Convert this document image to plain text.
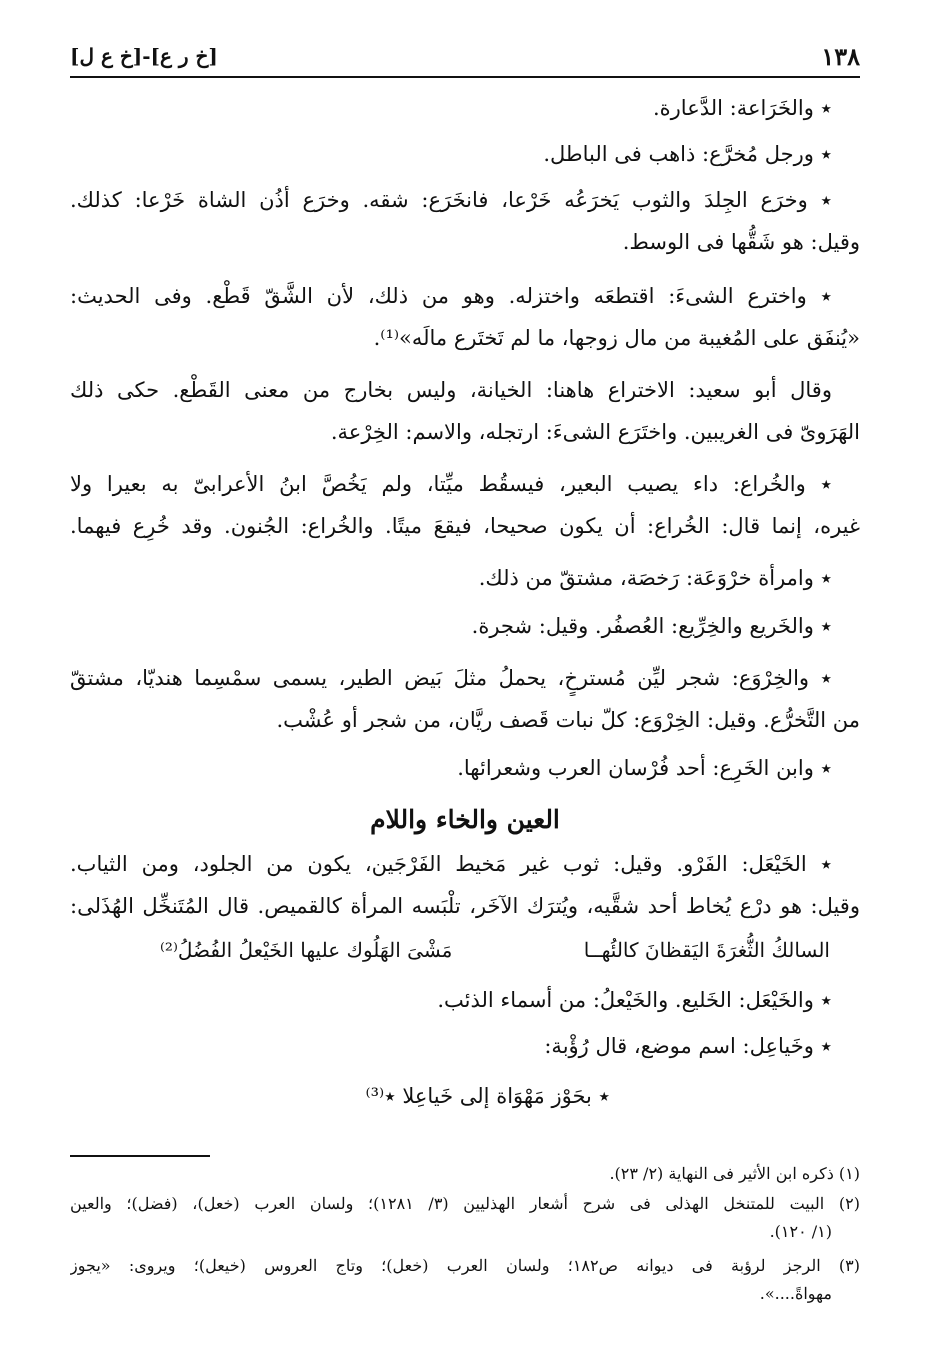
١٣٨
[خ ر ع]-[خ ع ل]
٭ والخَرَاعة: الدَّعارة.
٭ ورجل مُخرَّع: ذاهب فى الباطل.
٭ وخرَع الجِلدَ والثوب يَخرَعُه خَرْعا، فانخَرَع: شقه. وخرَع أذُن الشاة خَرْعا: كذلك.
وقيل: هو شَقُّها فى الوسط.
٭ واخترع الشىءَ: اقتطعَه واختزله. وهو من ذلك، لأن الشَّقّ قَطْع. وفى الحديث:
«يُنفَق على المُغيبة من مال زوجها، ما لم تَختَرع مالَه»⁽¹⁾.
وقال أبو سعيد: الاختراع هاهنا: الخيانة، وليس بخارج من معنى القَطْع. حكى ذلك
الهَرَوىّ فى الغريبين. واختَرَع الشىءَ: ارتجله، والاسم: الخِرْعة.
٭ والخُراع: داء يصيب البعير، فيسقُط ميِّتا، ولم يَخُصَّ ابنُ الأعرابىّ به بعيرا ولا
غيره، إنما قال: الخُراع: أن يكون صحيحا، فيقعَ ميتًا. والخُراع: الجُنون. وقد خُرِع فيهما.
٭ وامرأة خرْوَعَة: رَخصَة، مشتقّ من ذلك.
٭ والخَريع والخِرِّيع: العُصفُر. وقيل: شجرة.
٭ والخِرْوَع: شجر ليِّن مُسترخٍ، يحملُ مثلَ بَيض الطير، يسمى سمْسِما هنديّا، مشتقّ
من التَّخرُّع. وقيل: الخِرْوَع: كلّ نبات قَصف ريَّان، من شجر أو عُشْب.
٭ وابن الخَرِع: أحد فُرْسان العرب وشعرائها.
العين والخاء واللام
٭ الخَيْعَل: الفَرْو. وقيل: ثوب غير مَخيط الفَرْجَين، يكون من الجلود، ومن الثياب.
وقيل: هو درْع يُخاط أحد شقَّيه، ويُترَك الآخَر، تلْبَسه المرأة كالقميص. قال المُتَنخِّل الهُذَلى:
السالكُ الثُّغرَةَ اليَقظانَ كالئُهــا
مَشْىَ الهَلُوك عليها الخَيْعلُ الفُضُلُ⁽²⁾
٭ والخَيْعَل: الخَليع. والخَيْعلُ: من أسماء الذئب.
٭ وخَياعِل: اسم موضع، قال رُؤْبة:
٭ بحَوْز مَهْوَاة إلى خَياعِلا ٭⁽³⁾
(١) ذكره ابن الأثير فى النهاية (٢/ ٢٣).
(٢) البيت للمتنخل الهذلى فى شرح أشعار الهذليين (٣/ ١٢٨١)؛ ولسان العرب (خعل)، (فضل)؛ والعين
(١/ ١٢٠).
(٣) الرجز لرؤبة فى ديوانه ص١٨٢؛ ولسان العرب (خعل)؛ وتاج العروس (خيعل)؛ ويروى: «يجوز
مهواةً....».
